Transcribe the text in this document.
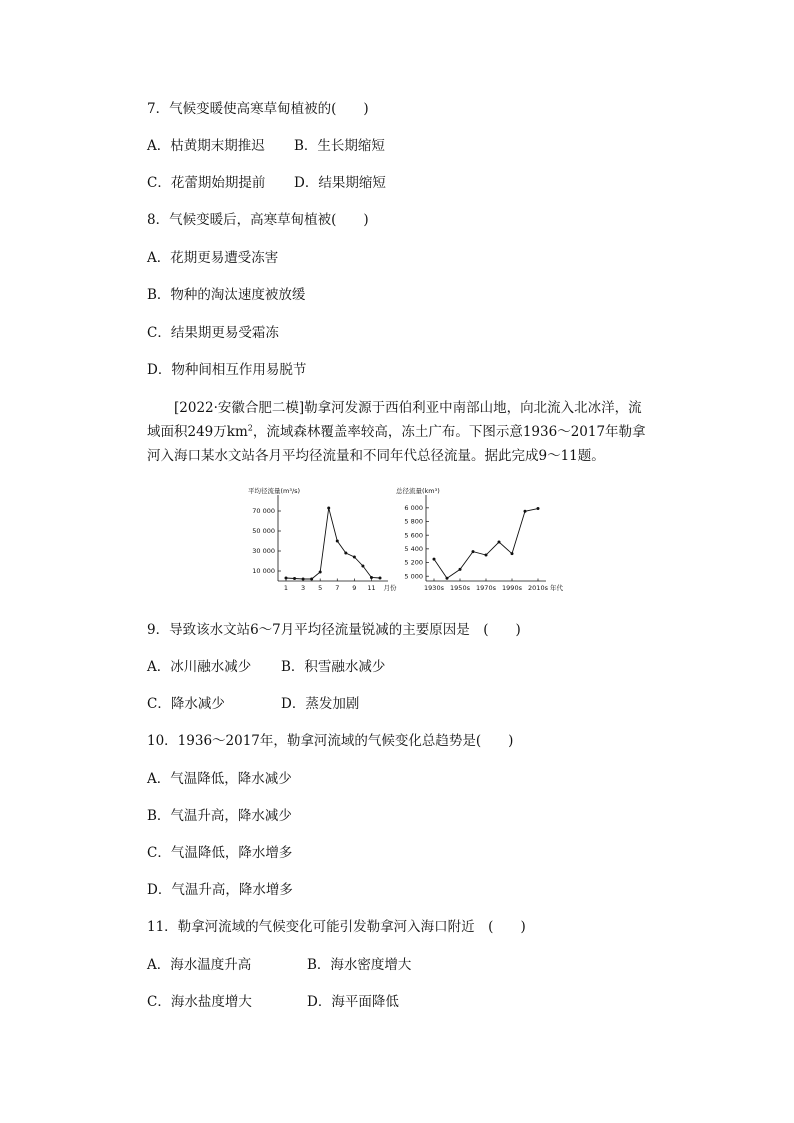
7．气候变暖使高寒草甸植被的(　　)
A．枯黄期末期推迟 B．生长期缩短
C．花蕾期始期提前 D．结果期缩短
8．气候变暖后，高寒草甸植被(　　)
A．花期更易遭受冻害
B．物种的淘汰速度被放缓
C．结果期更易受霜冻
D．物种间相互作用易脱节
[2022·安徽合肥二模]勒拿河发源于西伯利亚中南部山地，向北流入北冰洋，流域面积249万$km^2$，流域森林覆盖率较高，冻土广布。下图示意1936～2017年勒拿河入海口某水文站各月平均径流量和不同年代总径流量。据此完成9～11题。
平均径流量(m³/s)
10 000
30 000
50 000
70 000
1 3 5 7 9 11 月份
总径流量(km³)
5 000
5 200
5 400
5 600
5 800
6 000
1930s 1950s 1970s 1990s 2010s 年代
9．导致该水文站6～7月平均径流量锐减的主要原因是　(　　)
A．冰川融水减少 B．积雪融水减少
C．降水减少	D．蒸发加剧
10．1936～2017年，勒拿河流域的气候变化总趋势是(　　)
A．气温降低，降水减少
B．气温升高，降水减少
C．气温降低，降水增多
D．气温升高，降水增多
11．勒拿河流域的气候变化可能引发勒拿河入海口附近　(　　)
A．海水温度升高	B．海水密度增大
C．海水盐度增大	D．海平面降低
